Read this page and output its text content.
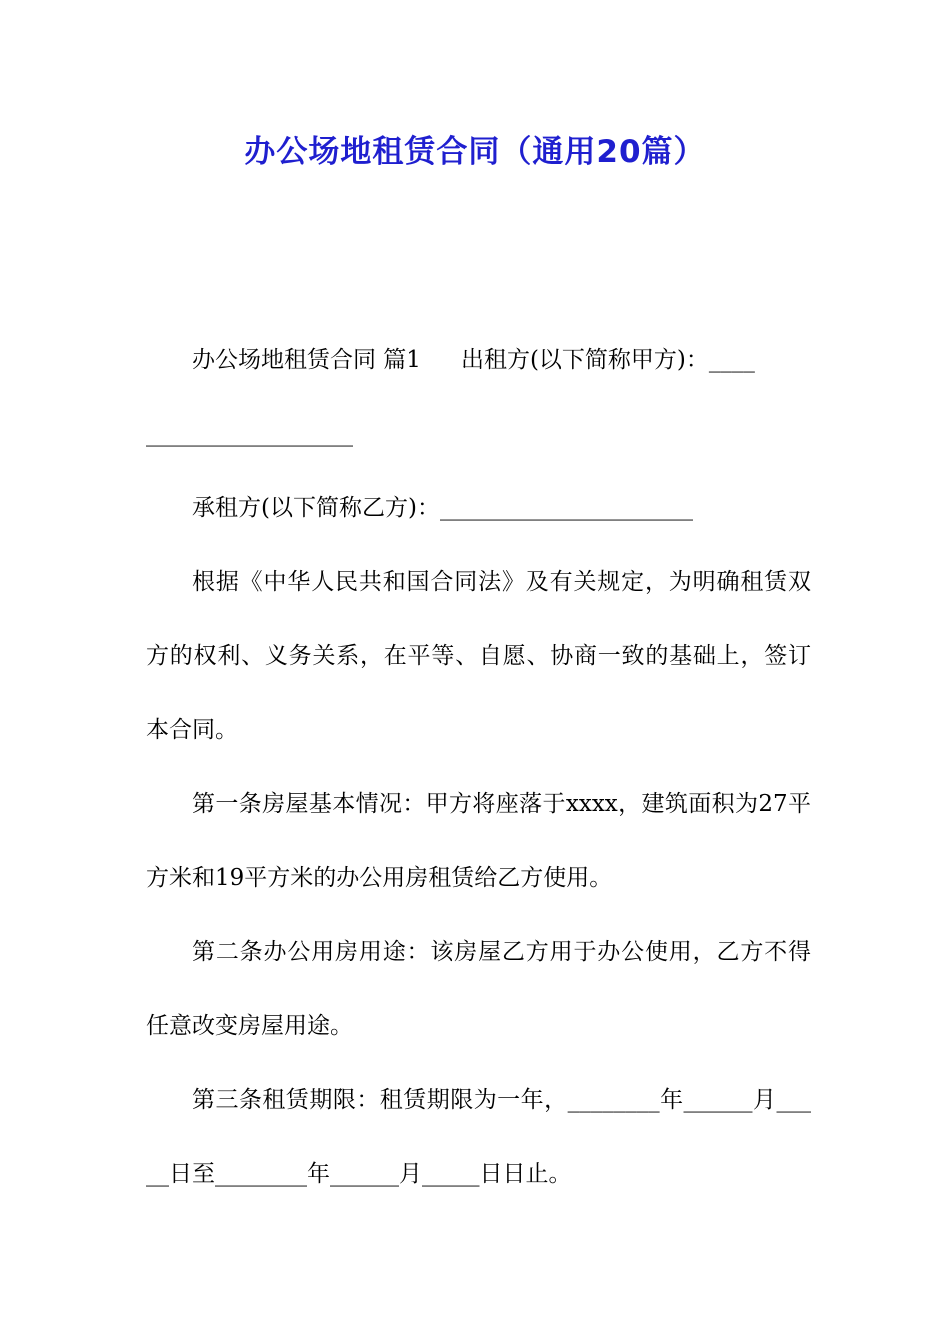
办公场地租赁合同（通用20篇）

办公场地租赁合同 篇1 出租方(以下简称甲方)：____

__________________

承租方(以下简称乙方)：______________________

根据《中华人民共和国合同法》及有关规定，为明确租赁双方的权利、义务关系，在平等、自愿、协商一致的基础上，签订本合同。

第一条房屋基本情况：甲方将座落于xxxx，建筑面积为27平方米和19平方米的办公用房租赁给乙方使用。

第二条办公用房用途：该房屋乙方用于办公使用，乙方不得任意改变房屋用途。

第三条租赁期限：租赁期限为一年，________年______月_____日至________年______月_____日日止。
